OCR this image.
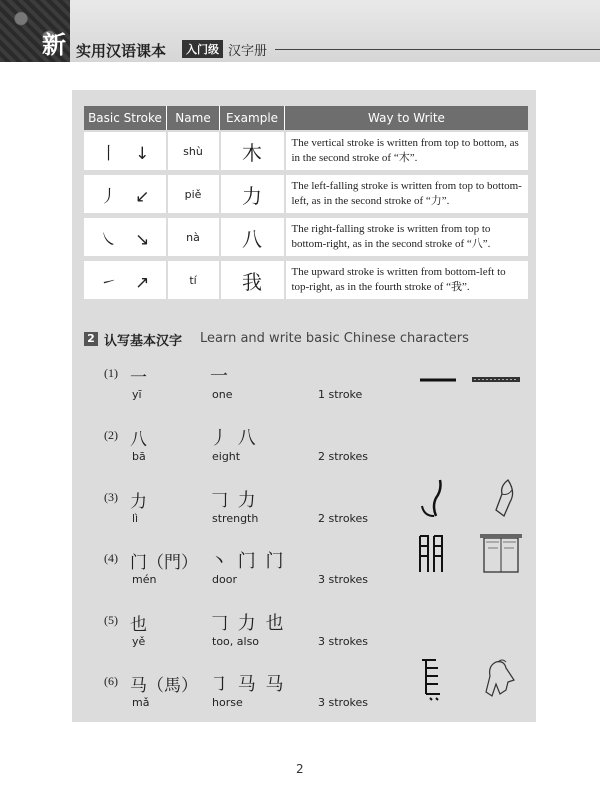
新 实用汉语课本	入门级 汉字册
Basic Stroke	Name	Example	Way to Write
丨 ↓	shù	木	The vertical stroke is written from top to bottom, as in the second stroke of “木”.
丿 ↙	piě	力	The left-falling stroke is written from top to bottom-left, as in the second stroke of “力”.
㇏ ↘	nà	八	The right-falling stroke is written from top to bottom-right, as in the second stroke of “八”.
㇀ ↗	tí	我	The upward stroke is written from bottom-left to top-right, as in the fourth stroke of “我”.
2 认写基本汉字 Learn and write basic Chinese characters
(1) 一
yī
一
one	1 stroke
(2) 八
bā
丿 八
eight	2 strokes
(3) 力
lì
𠃌 力
strength	2 strokes
(4) 门（門）
mén
丶 门 门
door	3 strokes
(5) 也
yě
𠃌 力 也
too, also	3 strokes
(6) 马（馬）
mǎ
㇆ 马 马
horse	3 strokes
2
